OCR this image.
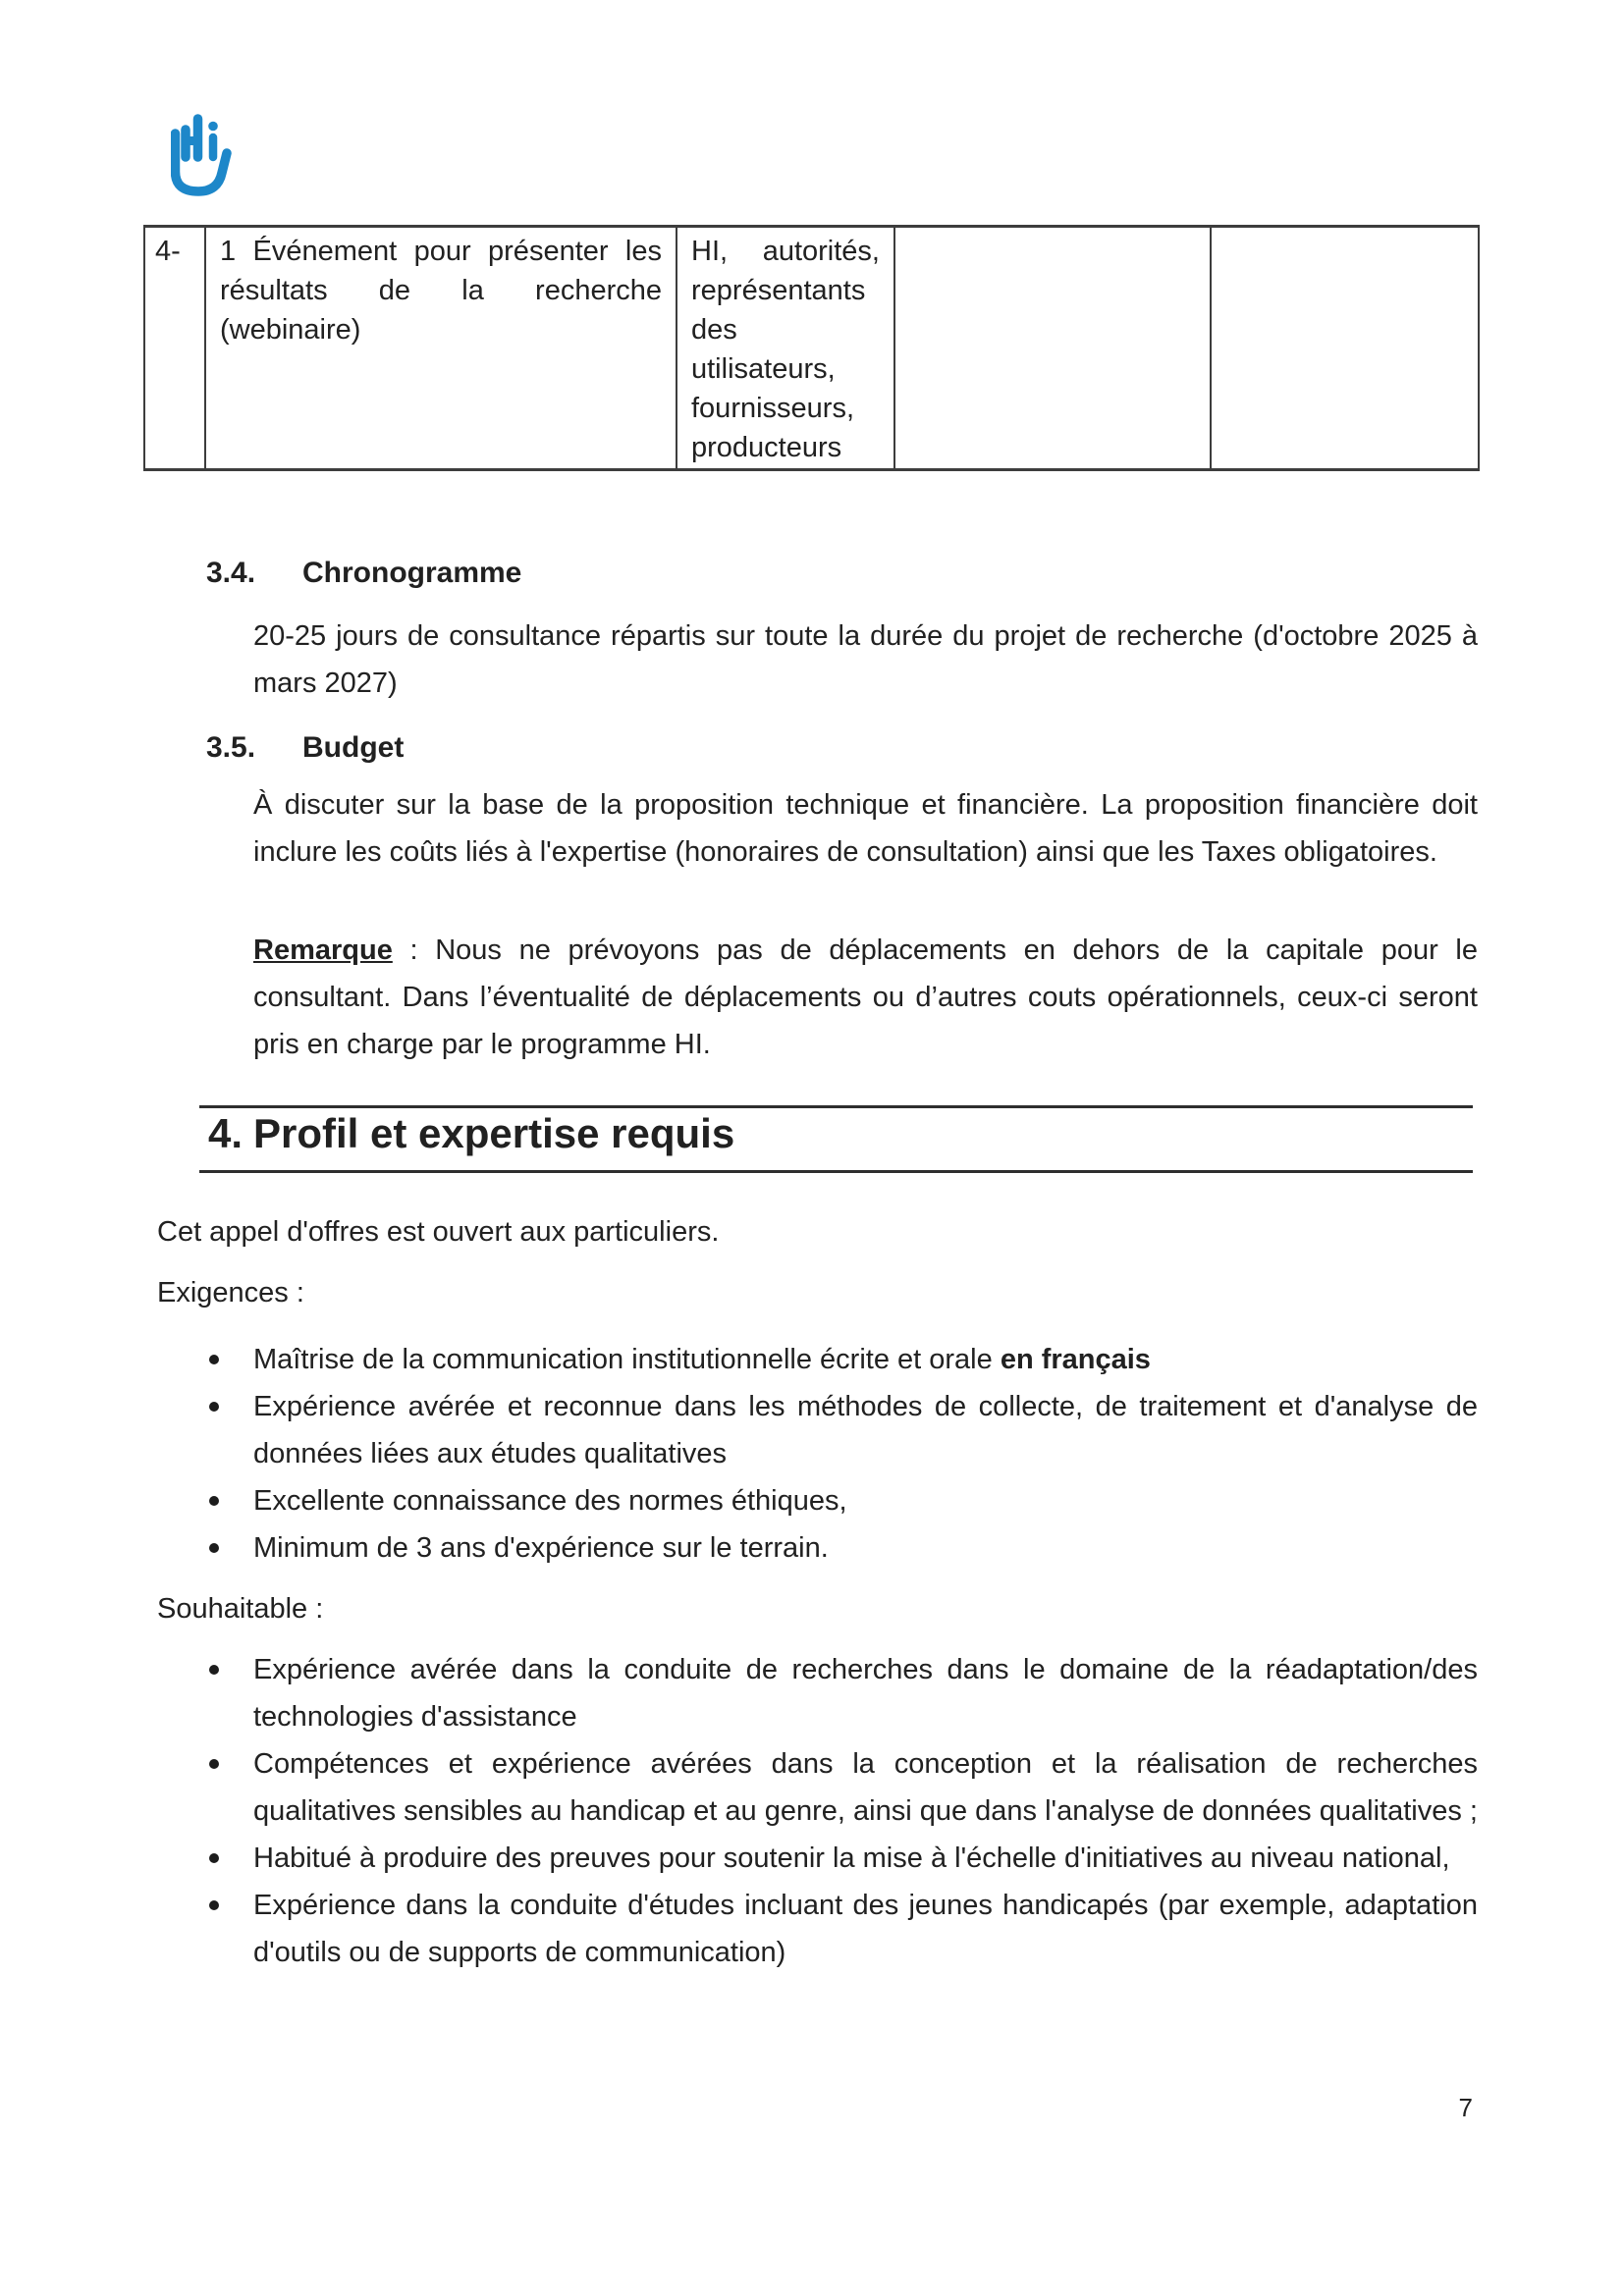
4-	1 Événement pour présenter les
résultats de la recherche
(webinaire)
HI, autorités,
représentants
des
utilisateurs,
fournisseurs,
producteurs
3.4. Chronogramme
20-25 jours de consultance répartis sur toute la durée du projet de recherche (d'octobre 2025 à mars 2027)
3.5. Budget
À discuter sur la base de la proposition technique et financière. La proposition financière doit inclure les coûts liés à l'expertise (honoraires de consultation) ainsi que les Taxes obligatoires.
Remarque : Nous ne prévoyons pas de déplacements en dehors de la capitale pour le consultant. Dans l’éventualité de déplacements ou d’autres couts opérationnels, ceux-ci seront pris en charge par le programme HI.
4. Profil et expertise requis
Cet appel d'offres est ouvert aux particuliers.
Exigences :
Maîtrise de la communication institutionnelle écrite et orale en français
Expérience avérée et reconnue dans les méthodes de collecte, de traitement et d'analyse de données liées aux études qualitatives
Excellente connaissance des normes éthiques,
Minimum de 3 ans d'expérience sur le terrain.
Souhaitable :
Expérience avérée dans la conduite de recherches dans le domaine de la réadaptation/des technologies d'assistance
Compétences et expérience avérées dans la conception et la réalisation de recherches qualitatives sensibles au handicap et au genre, ainsi que dans l'analyse de données qualitatives ;
Habitué à produire des preuves pour soutenir la mise à l'échelle d'initiatives au niveau national,
Expérience dans la conduite d'études incluant des jeunes handicapés (par exemple, adaptation d'outils ou de supports de communication)
7
